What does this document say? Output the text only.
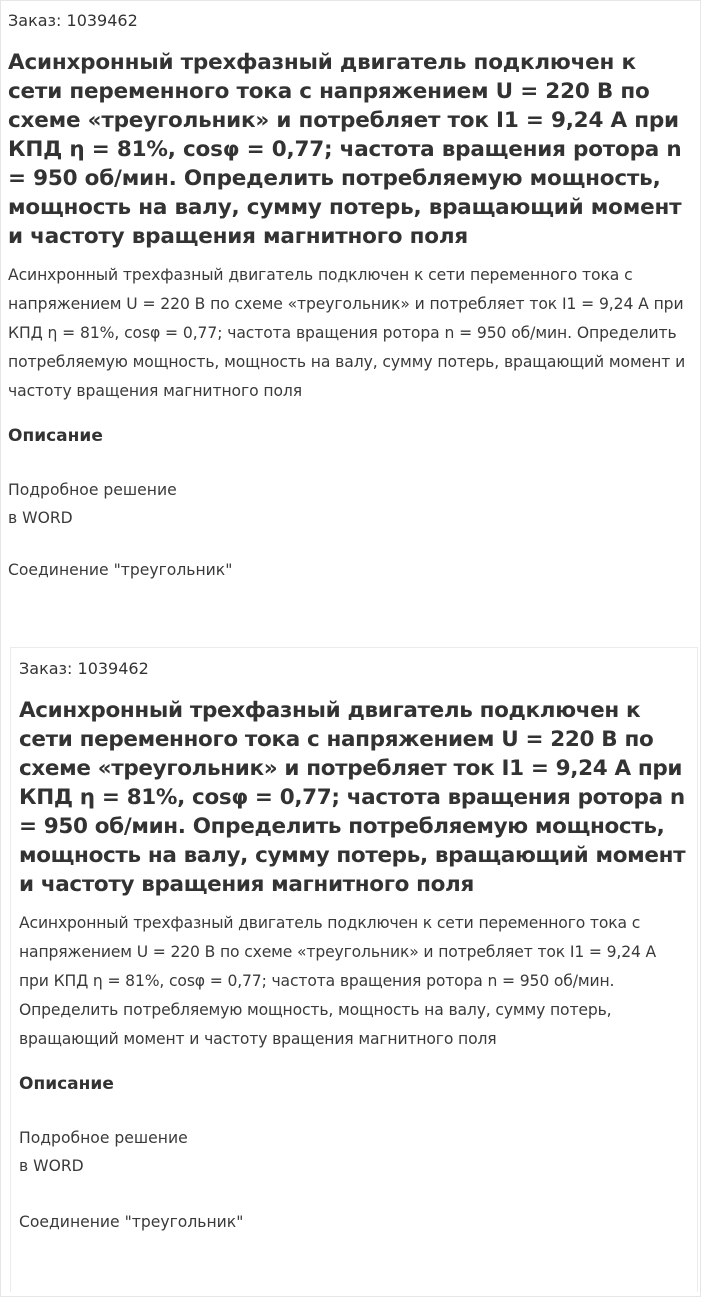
Заказ: 1039462

Асинхронный трехфазный двигатель подключен к сети переменного тока с напряжением U = 220 В по схеме «треугольник» и потребляет ток I1 = 9,24 А при КПД η = 81%, cosφ = 0,77; частота вращения ротора n = 950 об/мин. Определить потребляемую мощность, мощность на валу, сумму потерь, вращающий момент и частоту вращения магнитного поля

Асинхронный трехфазный двигатель подключен к сети переменного тока с напряжением U = 220 В по схеме «треугольник» и потребляет ток I1 = 9,24 А при КПД η = 81%, cosφ = 0,77; частота вращения ротора n = 950 об/мин. Определить потребляемую мощность, мощность на валу, сумму потерь, вращающий момент и частоту вращения магнитного поля

Описание

Подробное решение
в WORD

Соединение "треугольник"

Заказ: 1039462

Асинхронный трехфазный двигатель подключен к сети переменного тока с напряжением U = 220 В по схеме «треугольник» и потребляет ток I1 = 9,24 А при КПД η = 81%, cosφ = 0,77; частота вращения ротора n = 950 об/мин. Определить потребляемую мощность, мощность на валу, сумму потерь, вращающий момент и частоту вращения магнитного поля

Асинхронный трехфазный двигатель подключен к сети переменного тока с напряжением U = 220 В по схеме «треугольник» и потребляет ток I1 = 9,24 А при КПД η = 81%, cosφ = 0,77; частота вращения ротора n = 950 об/мин. Определить потребляемую мощность, мощность на валу, сумму потерь, вращающий момент и частоту вращения магнитного поля

Описание

Подробное решение
в WORD

Соединение "треугольник"
